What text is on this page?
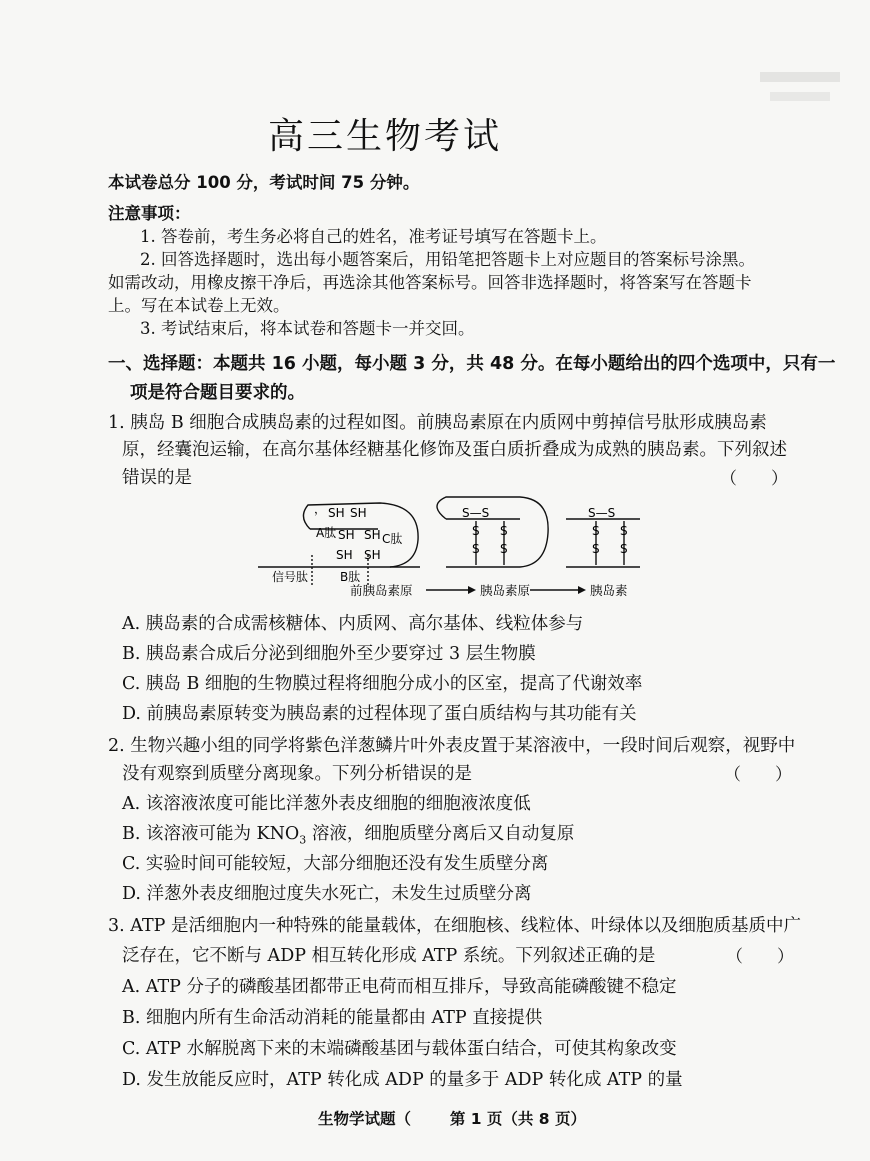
高三生物考试
本试卷总分 100 分，考试时间 75 分钟。
注意事项：
1. 答卷前，考生务必将自己的姓名，准考证号填写在答题卡上。
2. 回答选择题时，选出每小题答案后，用铅笔把答题卡上对应题目的答案标号涂黑。
如需改动，用橡皮擦干净后，再选涂其他答案标号。回答非选择题时，将答案写在答题卡
上。写在本试卷上无效。
3. 考试结束后，将本试卷和答题卡一并交回。
一、选择题：本题共 16 小题，每小题 3 分，共 48 分。在每小题给出的四个选项中，只有一
项是符合题目要求的。
1. 胰岛 B 细胞合成胰岛素的过程如图。前胰岛素原在内质网中剪掉信号肽形成胰岛素
原，经囊泡运输，在高尔基体经糖基化修饰及蛋白质折叠成为成熟的胰岛素。下列叙述
错误的是	（　　）
， SH SH
A肽 SH SH C肽
SH SH
信号肽	B肽
S—S
S S
S S
S—S
S S
S S
前胰岛素原	胰岛素原	胰岛素
A. 胰岛素的合成需核糖体、内质网、高尔基体、线粒体参与
B. 胰岛素合成后分泌到细胞外至少要穿过 3 层生物膜
C. 胰岛 B 细胞的生物膜过程将细胞分成小的区室，提高了代谢效率
D. 前胰岛素原转变为胰岛素的过程体现了蛋白质结构与其功能有关
2. 生物兴趣小组的同学将紫色洋葱鳞片叶外表皮置于某溶液中，一段时间后观察，视野中
没有观察到质壁分离现象。下列分析错误的是	（　　）
A. 该溶液浓度可能比洋葱外表皮细胞的细胞液浓度低
B. 该溶液可能为 $KNO_3$ 溶液，细胞质壁分离后又自动复原
C. 实验时间可能较短，大部分细胞还没有发生质壁分离
D. 洋葱外表皮细胞过度失水死亡，未发生过质壁分离
3. ATP 是活细胞内一种特殊的能量载体，在细胞核、线粒体、叶绿体以及细胞质基质中广
泛存在，它不断与 ADP 相互转化形成 ATP 系统。下列叙述正确的是	（　　）
A. ATP 分子的磷酸基团都带正电荷而相互排斥，导致高能磷酸键不稳定
B. 细胞内所有生命活动消耗的能量都由 ATP 直接提供
C. ATP 水解脱离下来的末端磷酸基团与载体蛋白结合，可使其构象改变
D. 发生放能反应时，ATP 转化成 ADP 的量多于 ADP 转化成 ATP 的量
生物学试题（	第 1 页（共 8 页）
